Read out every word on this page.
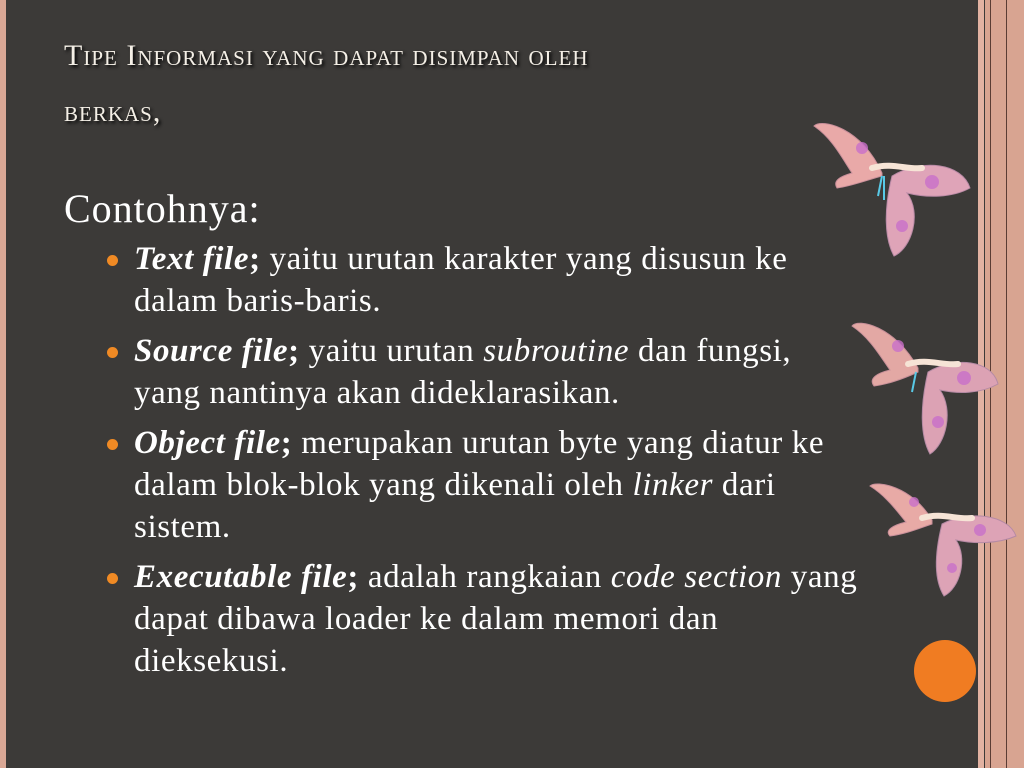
Tipe Informasi yang dapat disimpan oleh
berkas,
Contohnya:
Text file; yaitu urutan karakter yang disusun ke dalam baris-baris.
Source file; yaitu urutan subroutine dan fungsi, yang nantinya akan dideklarasikan.
Object file; merupakan urutan byte yang diatur ke dalam blok-blok yang dikenali oleh linker dari sistem.
Executable file; adalah rangkaian code section yang dapat dibawa loader ke dalam memori dan dieksekusi.
